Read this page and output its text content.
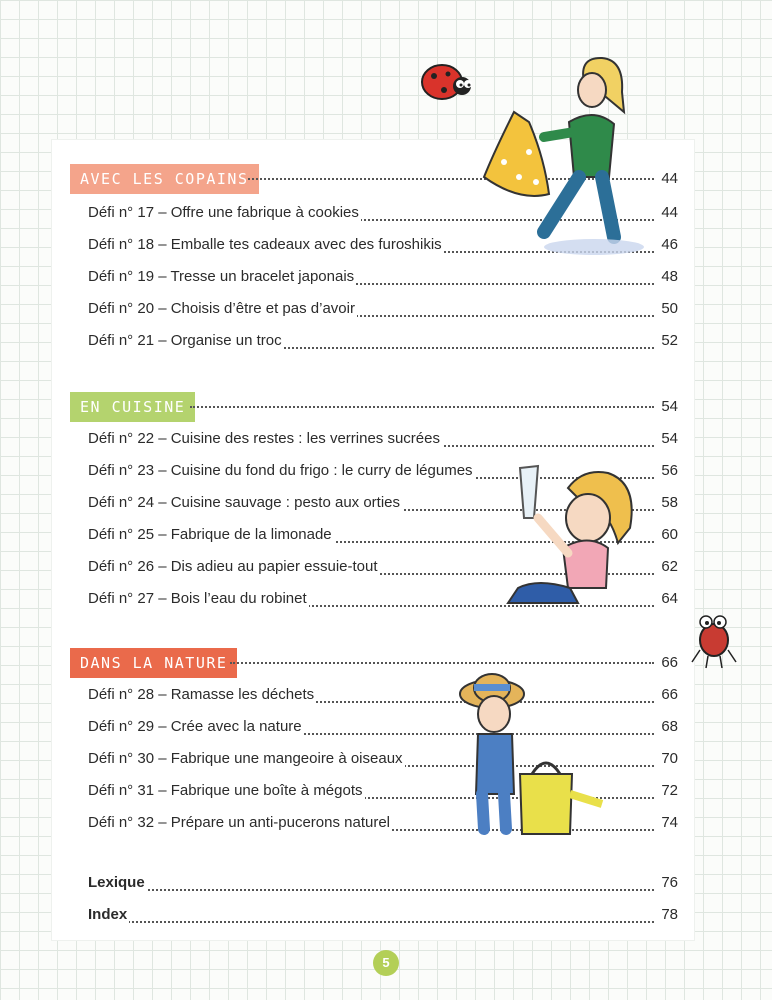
AVEC LES COPAINS	44
Défi n° 17 – Offre une fabrique à cookies	44
Défi n° 18 – Emballe tes cadeaux avec des furoshikis	46
Défi n° 19 – Tresse un bracelet japonais	48
Défi n° 20 – Choisis d’être et pas d’avoir	50
Défi n° 21 – Organise un troc	52
EN CUISINE	54
Défi n° 22 – Cuisine des restes : les verrines sucrées	54
Défi n° 23 – Cuisine du fond du frigo : le curry de légumes	56
Défi n° 24 – Cuisine sauvage : pesto aux orties	58
Défi n° 25 – Fabrique de la limonade	60
Défi n° 26 – Dis adieu au papier essuie-tout	62
Défi n° 27 – Bois l’eau du robinet	64
DANS LA NATURE	66
Défi n° 28 – Ramasse les déchets	66
Défi n° 29 – Crée avec la nature	68
Défi n° 30 – Fabrique une mangeoire à oiseaux	70
Défi n° 31 – Fabrique une boîte à mégots	72
Défi n° 32 – Prépare un anti-pucerons naturel	74
Lexique	76
Index	78
5
